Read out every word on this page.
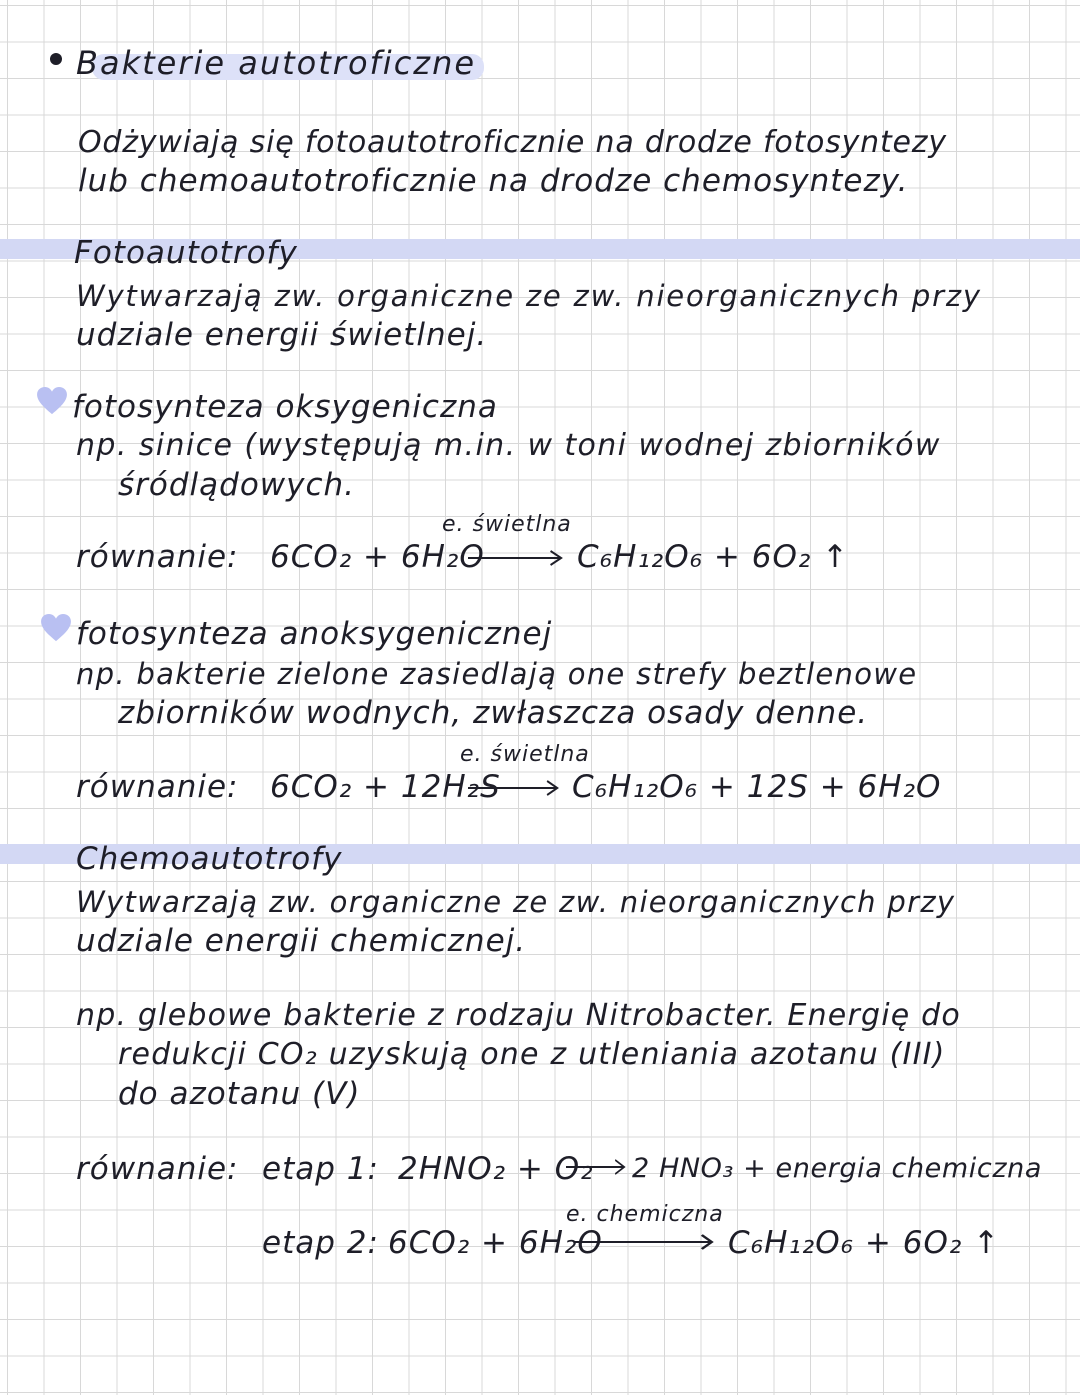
Bakterie autotroficzne
Odżywiają się fotoautotroficznie na drodze fotosyntezy
lub chemoautotroficznie na drodze chemosyntezy.
Fotoautotrofy
Wytwarzają zw. organiczne ze zw. nieorganicznych przy
udziale energii świetlnej.
fotosynteza oksygeniczna
np. sinice (występują m.in. w toni wodnej zbiorników
śródlądowych.
e. świetlna
równanie: 6CO₂ + 6H₂O	C₆H₁₂O₆ + 6O₂ ↑
fotosynteza anoksygenicznej
np. bakterie zielone zasiedlają one strefy beztlenowe
zbiorników wodnych, zwłaszcza osady denne.
e. świetlna
równanie: 6CO₂ + 12H₂S C₆H₁₂O₆ + 12S + 6H₂O
Chemoautotrofy
Wytwarzają zw. organiczne ze zw. nieorganicznych przy
udziale energii chemicznej.
np. glebowe bakterie z rodzaju Nitrobacter. Energię do
redukcji CO₂ uzyskują one z utleniania azotanu (III)
do azotanu (V)
równanie: etap 1: 2HNO₂ + O₂ → 2 HNO₃ + energia chemiczna
e. chemiczna
etap 2: 6CO₂ + 6H₂O	C₆H₁₂O₆ + 6O₂ ↑
